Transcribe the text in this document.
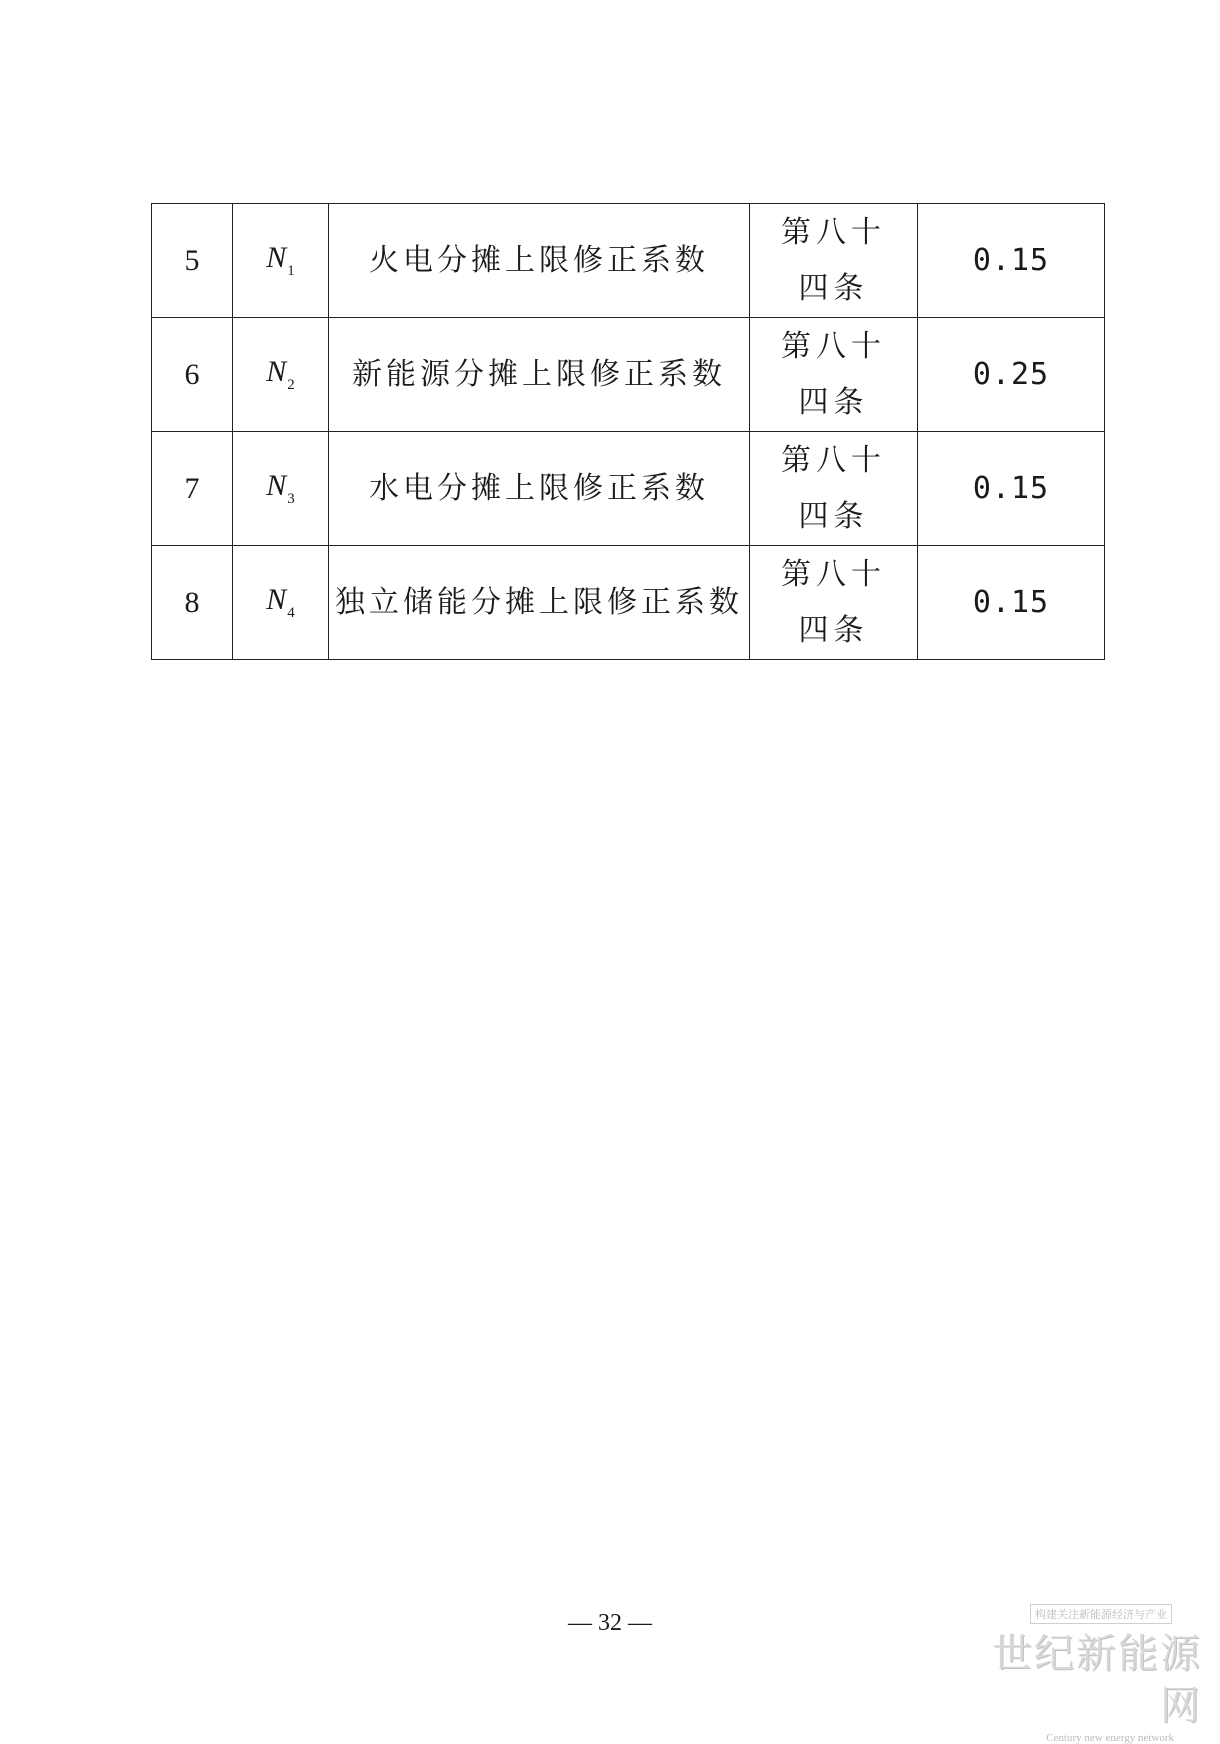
5	$N_1$	火电分摊上限修正系数	第八十四条	0.15
6	$N_2$	新能源分摊上限修正系数	第八十四条	0.25
7	$N_3$	水电分摊上限修正系数	第八十四条	0.15
8	$N_4$	独立储能分摊上限修正系数	第八十四条	0.15
— 32 —	构建关注新能源经济与产业
世纪新能源网
Century new energy network
